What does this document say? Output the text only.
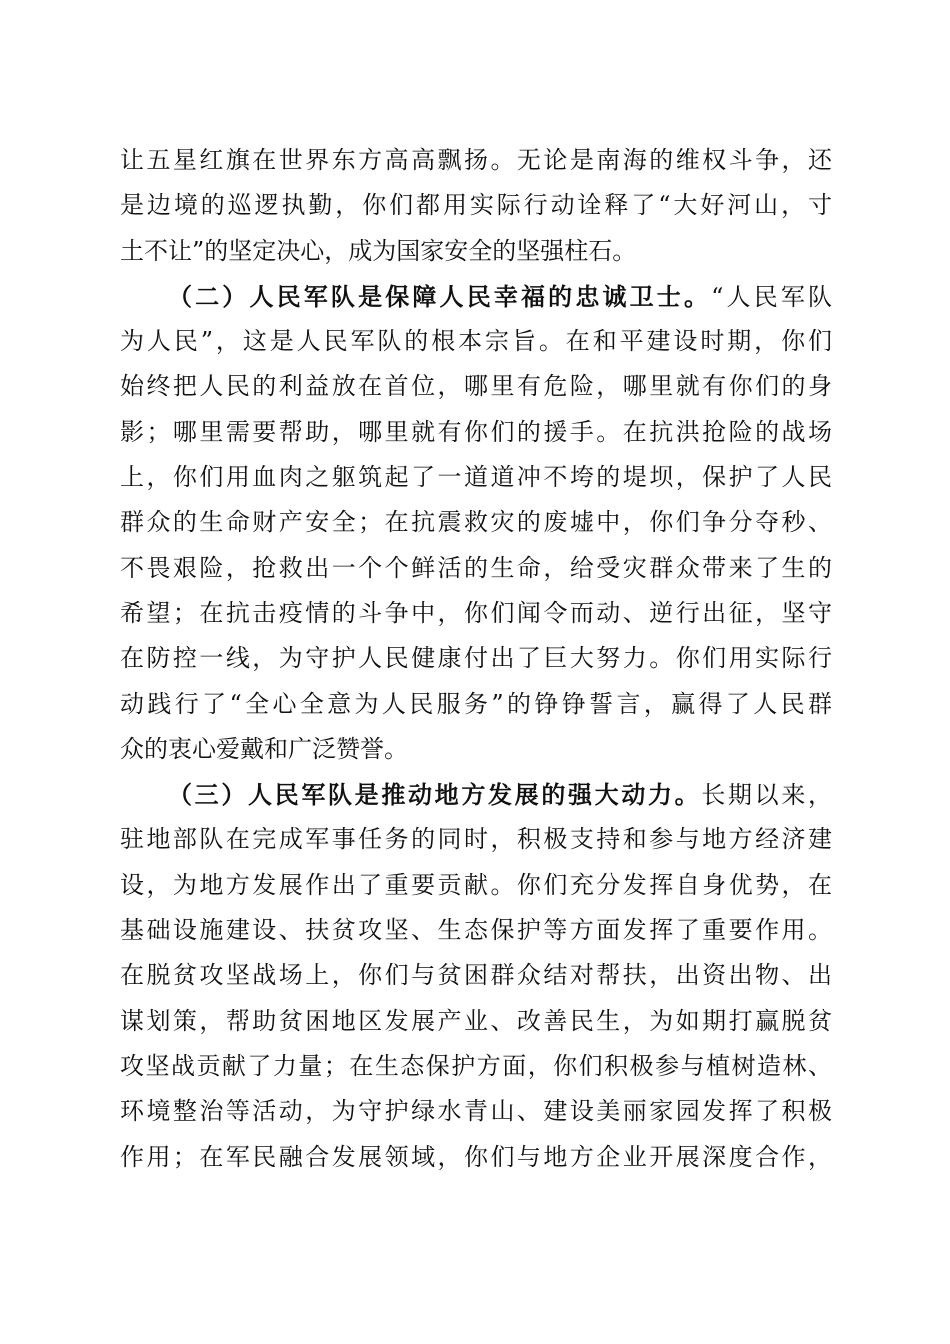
让五星红旗在世界东方高高飘扬。无论是南海的维权斗争，还
是边境的巡逻执勤，你们都用实际行动诠释了“大好河山，寸
土不让”的坚定决心，成为国家安全的坚强柱石。
（二）人民军队是保障人民幸福的忠诚卫士。“人民军队
为人民”，这是人民军队的根本宗旨。在和平建设时期，你们
始终把人民的利益放在首位，哪里有危险，哪里就有你们的身
影；哪里需要帮助，哪里就有你们的援手。在抗洪抢险的战场
上，你们用血肉之躯筑起了一道道冲不垮的堤坝，保护了人民
群众的生命财产安全；在抗震救灾的废墟中，你们争分夺秒、
不畏艰险，抢救出一个个鲜活的生命，给受灾群众带来了生的
希望；在抗击疫情的斗争中，你们闻令而动、逆行出征，坚守
在防控一线，为守护人民健康付出了巨大努力。你们用实际行
动践行了“全心全意为人民服务”的铮铮誓言，赢得了人民群
众的衷心爱戴和广泛赞誉。
（三）人民军队是推动地方发展的强大动力。长期以来，
驻地部队在完成军事任务的同时，积极支持和参与地方经济建
设，为地方发展作出了重要贡献。你们充分发挥自身优势，在
基础设施建设、扶贫攻坚、生态保护等方面发挥了重要作用。
在脱贫攻坚战场上，你们与贫困群众结对帮扶，出资出物、出
谋划策，帮助贫困地区发展产业、改善民生，为如期打赢脱贫
攻坚战贡献了力量；在生态保护方面，你们积极参与植树造林、
环境整治等活动，为守护绿水青山、建设美丽家园发挥了积极
作用；在军民融合发展领域，你们与地方企业开展深度合作，
